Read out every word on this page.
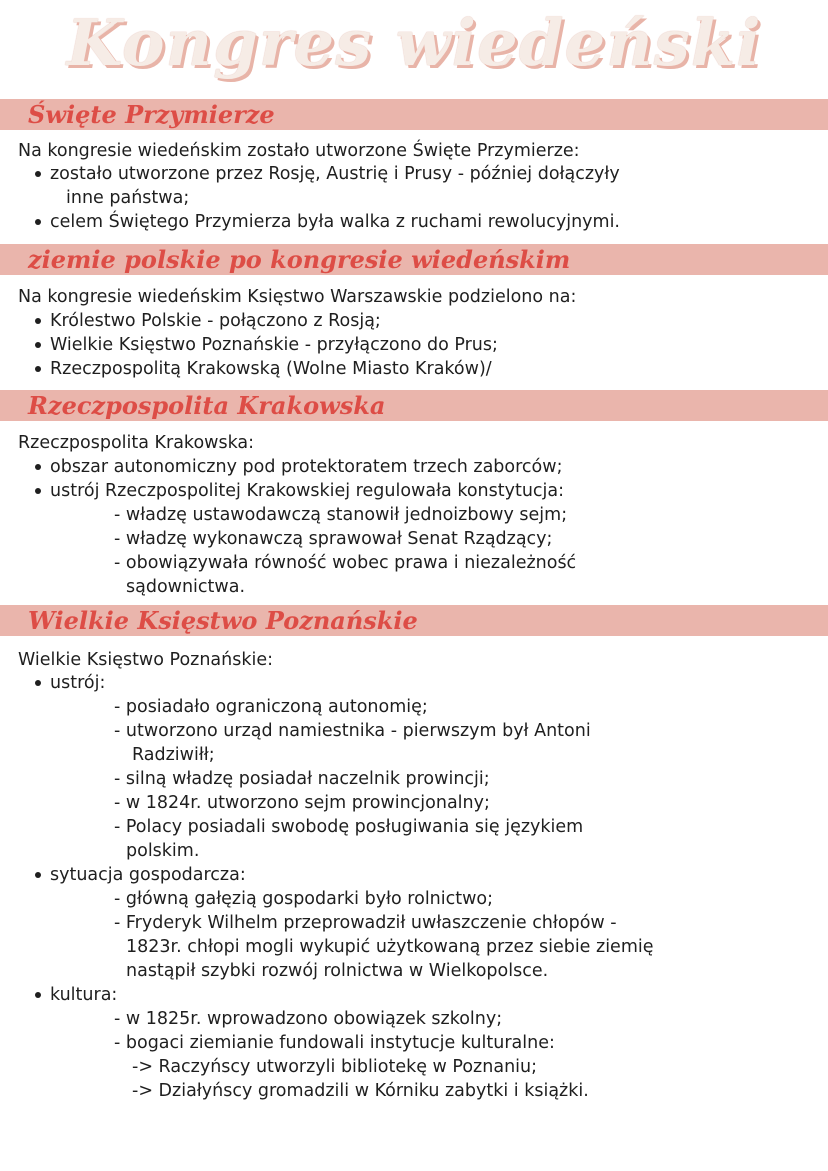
Kongres wiedeński
Święte Przymierze
Na kongresie wiedeńskim zostało utworzone Święte Przymierze:
zostało utworzone przez Rosję, Austrię i Prusy - później dołączyły
inne państwa;
celem Świętego Przymierza była walka z ruchami rewolucyjnymi.
ziemie polskie po kongresie wiedeńskim
Na kongresie wiedeńskim Księstwo Warszawskie podzielono na:
Królestwo Polskie - połączono z Rosją;
Wielkie Księstwo Poznańskie - przyłączono do Prus;
Rzeczpospolitą Krakowską (Wolne Miasto Kraków)/
Rzeczpospolita Krakowska
Rzeczpospolita Krakowska:
obszar autonomiczny pod protektoratem trzech zaborców;
ustrój Rzeczpospolitej Krakowskiej regulowała konstytucja:
- władzę ustawodawczą stanowił jednoizbowy sejm;
- władzę wykonawczą sprawował Senat Rządzący;
- obowiązywała równość wobec prawa i niezależność
sądownictwa.
Wielkie Księstwo Poznańskie
Wielkie Księstwo Poznańskie:
ustrój:
- posiadało ograniczoną autonomię;
- utworzono urząd namiestnika - pierwszym był Antoni
Radziwiłł;
- silną władzę posiadał naczelnik prowincji;
- w 1824r. utworzono sejm prowincjonalny;
- Polacy posiadali swobodę posługiwania się językiem
polskim.
sytuacja gospodarcza:
- główną gałęzią gospodarki było rolnictwo;
- Fryderyk Wilhelm przeprowadził uwłaszczenie chłopów -
1823r. chłopi mogli wykupić użytkowaną przez siebie ziemię
nastąpił szybki rozwój rolnictwa w Wielkopolsce.
kultura:
- w 1825r. wprowadzono obowiązek szkolny;
- bogaci ziemianie fundowali instytucje kulturalne:
-> Raczyńscy utworzyli bibliotekę w Poznaniu;
-> Działyńscy gromadzili w Kórniku zabytki i książki.
